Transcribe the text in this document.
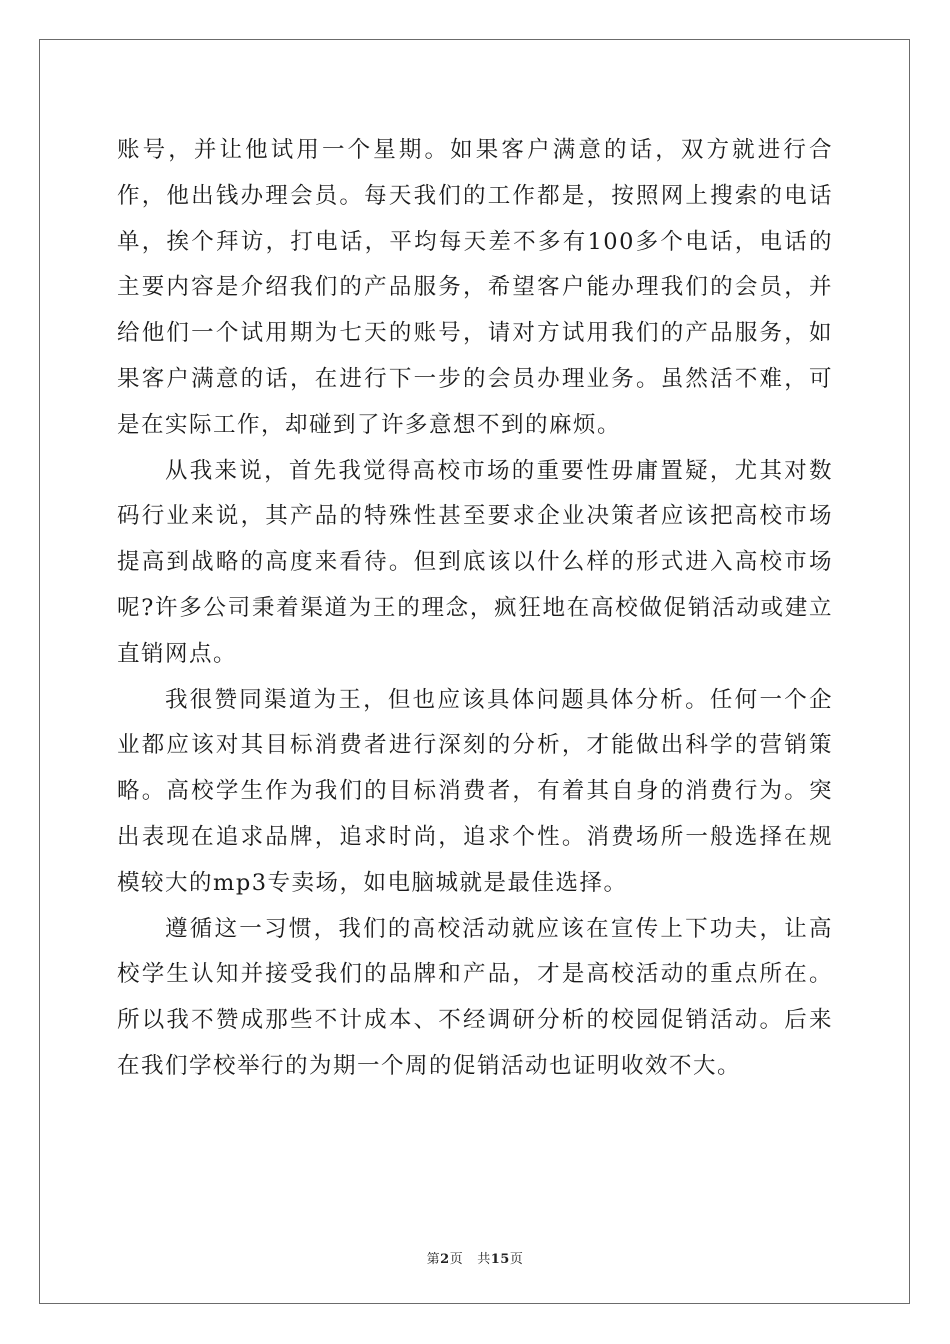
账号，并让他试用一个星期。如果客户满意的话，双方就进行合作，他出钱办理会员。每天我们的工作都是，按照网上搜索的电话单，挨个拜访，打电话，平均每天差不多有100多个电话，电话的主要内容是介绍我们的产品服务，希望客户能办理我们的会员，并给他们一个试用期为七天的账号，请对方试用我们的产品服务，如果客户满意的话，在进行下一步的会员办理业务。虽然活不难，可是在实际工作，却碰到了许多意想不到的麻烦。

从我来说，首先我觉得高校市场的重要性毋庸置疑，尤其对数码行业来说，其产品的特殊性甚至要求企业决策者应该把高校市场提高到战略的高度来看待。但到底该以什么样的形式进入高校市场呢?许多公司秉着渠道为王的理念，疯狂地在高校做促销活动或建立直销网点。

我很赞同渠道为王，但也应该具体问题具体分析。任何一个企业都应该对其目标消费者进行深刻的分析，才能做出科学的营销策略。高校学生作为我们的目标消费者，有着其自身的消费行为。突出表现在追求品牌，追求时尚，追求个性。消费场所一般选择在规模较大的mp3专卖场，如电脑城就是最佳选择。

遵循这一习惯，我们的高校活动就应该在宣传上下功夫，让高校学生认知并接受我们的品牌和产品，才是高校活动的重点所在。所以我不赞成那些不计成本、不经调研分析的校园促销活动。后来在我们学校举行的为期一个周的促销活动也证明收效不大。

第2页 共15页
